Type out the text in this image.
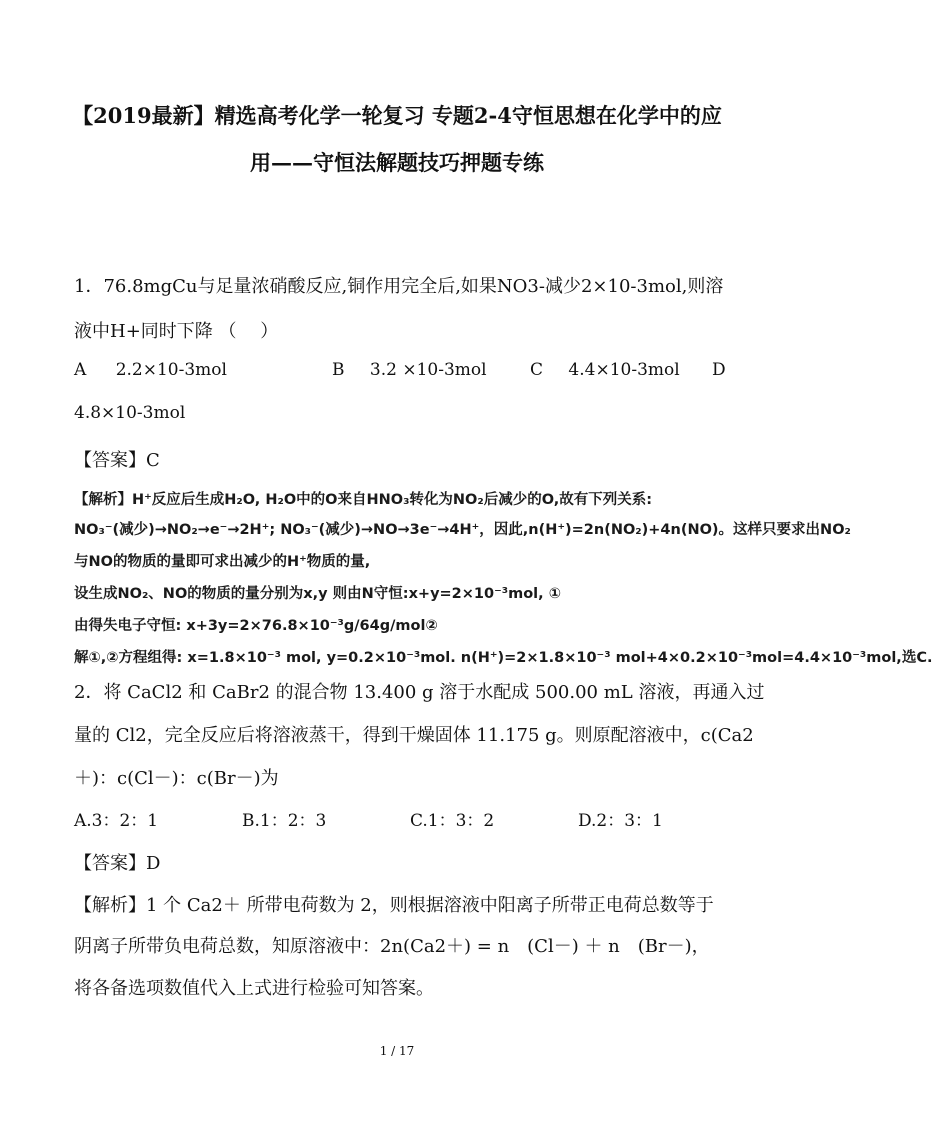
【2019最新】精选高考化学一轮复习 专题2-4守恒思想在化学中的应
用——守恒法解题技巧押题专练
1．76.8mgCu与足量浓硝酸反应,铜作用完全后,如果NO3-减少2×10-3mol,则溶
液中H+同时下降 （　 ）
A 2.2×10-3mol	B 3.2 ×10-3mol	C 4.4×10-3mol D
4.8×10-3mol
【答案】C
【解析】H⁺反应后生成H₂O, H₂O中的O来自HNO₃转化为NO₂后减少的O,故有下列关系:
NO₃⁻(减少)→NO₂→e⁻→2H⁺; NO₃⁻(减少)→NO→3e⁻→4H⁺，因此,n(H⁺)=2n(NO₂)+4n(NO)。这样只要求出NO₂
与NO的物质的量即可求出减少的H⁺物质的量,
设生成NO₂、NO的物质的量分别为x,y 则由N守恒:x+y=2×10⁻³mol, ①
由得失电子守恒: x+3y=2×76.8×10⁻³g/64g/mol②
解①,②方程组得: x=1.8×10⁻³ mol, y=0.2×10⁻³mol. n(H⁺)=2×1.8×10⁻³ mol+4×0.2×10⁻³mol=4.4×10⁻³mol,选C.
2．将 CaCl2 和 CaBr2 的混合物 13.400 g 溶于水配成 500.00 mL 溶液，再通入过
量的 Cl2，完全反应后将溶液蒸干，得到干燥固体 11.175 g。则原配溶液中，c(Ca2
＋)：c(Cl－)：c(Br－)为
A.3：2：1	B.1：2：3	C.1：3：2	D.2：3：1
【答案】D
【解析】1 个 Ca2＋ 所带电荷数为 2，则根据溶液中阳离子所带正电荷总数等于
阴离子所带负电荷总数，知原溶液中：2n(Ca2＋) = n　(Cl－) ＋ n　(Br－)，
将各备选项数值代入上式进行检验可知答案。
1 / 17
